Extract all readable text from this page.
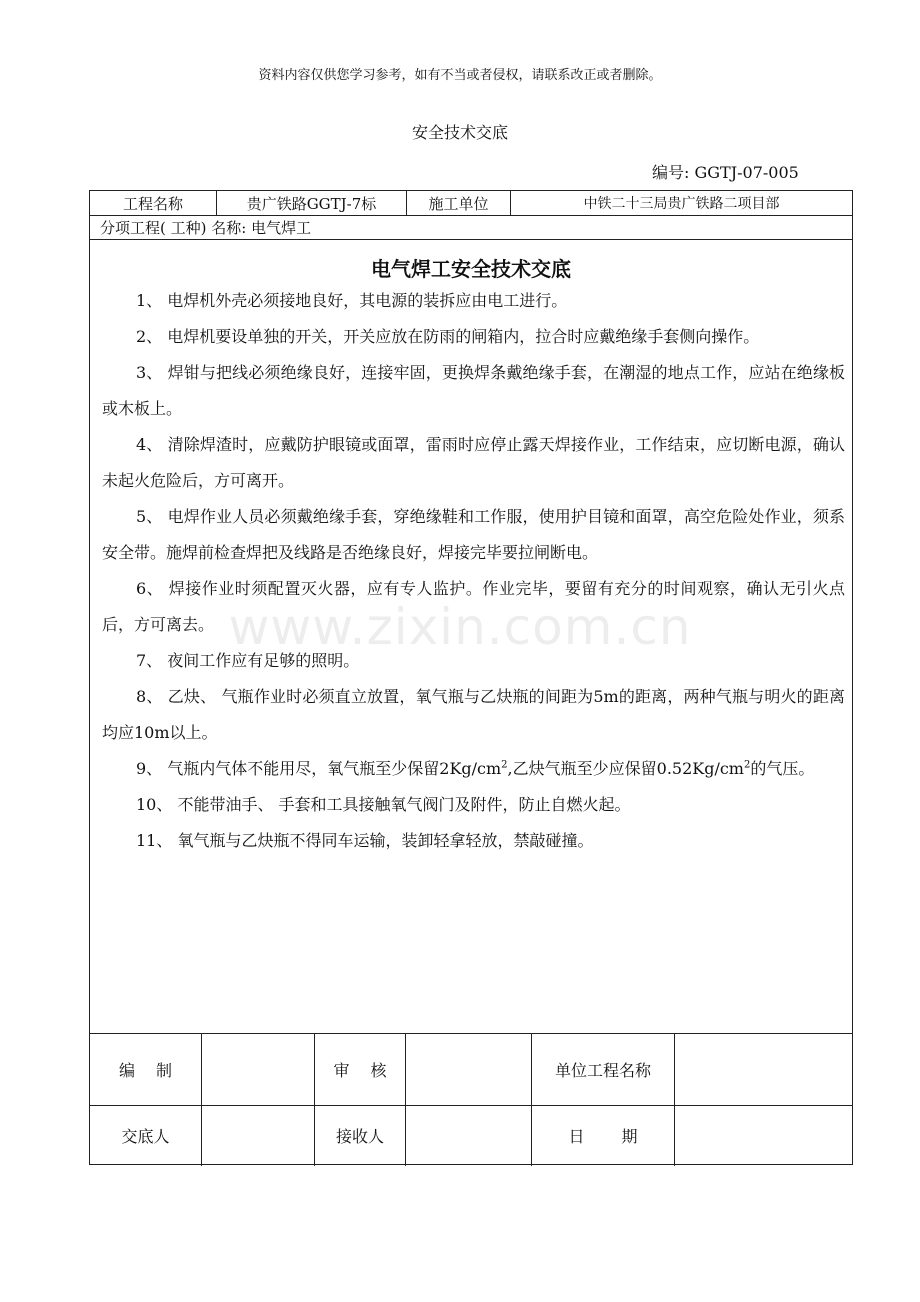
资料内容仅供您学习参考，如有不当或者侵权，请联系改正或者删除。
安全技术交底
编号: GGTJ-07-005
www.zixin.com.cn
工程名称	贵广铁路GGTJ-7标	施工单位	中铁二十三局贵广铁路二项目部
分项工程( 工种) 名称: 电气焊工
电气焊工安全技术交底

1、 电焊机外壳必须接地良好，其电源的装拆应由电工进行。

2、 电焊机要设单独的开关，开关应放在防雨的闸箱内，拉合时应戴绝缘手套侧向操作。

3、 焊钳与把线必须绝缘良好，连接牢固，更换焊条戴绝缘手套，在潮湿的地点工作，应站在绝缘板或木板上。

4、 清除焊渣时，应戴防护眼镜或面罩，雷雨时应停止露天焊接作业，工作结束，应切断电源，确认未起火危险后，方可离开。

5、 电焊作业人员必须戴绝缘手套，穿绝缘鞋和工作服，使用护目镜和面罩，高空危险处作业，须系安全带。施焊前检查焊把及线路是否绝缘良好，焊接完毕要拉闸断电。

6、 焊接作业时须配置灭火器，应有专人监护。作业完毕，要留有充分的时间观察，确认无引火点后，方可离去。

7、 夜间工作应有足够的照明。

8、 乙炔、 气瓶作业时必须直立放置，氧气瓶与乙炔瓶的间距为5m的距离，两种气瓶与明火的距离均应10m以上。

9、 气瓶内气体不能用尽，氧气瓶至少保留$2Kg/cm^2$,乙炔气瓶至少应保留$0.52Kg/cm^2$的气压。

10、 不能带油手、 手套和工具接触氧气阀门及附件，防止自燃火起。

11、 氧气瓶与乙炔瓶不得同车运输，装卸轻拿轻放，禁敲碰撞。

编　 制	审　 核	单位工程名称
交底人	接收人	日　　 期
